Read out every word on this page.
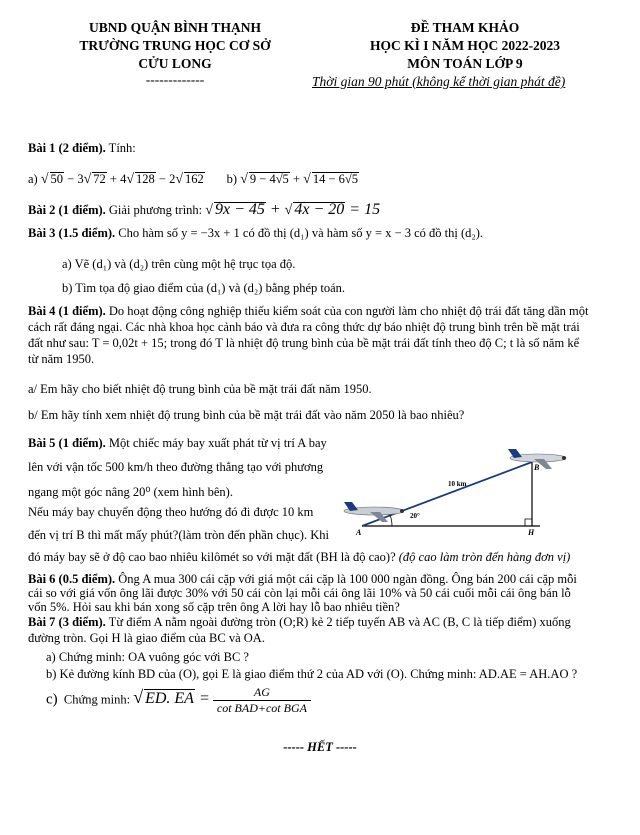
UBND QUẬN BÌNH THẠNH
TRƯỜNG TRUNG HỌC CƠ SỞ
CỬU LONG
-------------
ĐỀ THAM KHẢO
HỌC KÌ I NĂM HỌC 2022-2023
MÔN TOÁN LỚP 9
Thời gian 90 phút (không kể thời gian phát đề)
Bài 1 (2 điểm). Tính:
a) √ 50 − 3√ 72 + 4√ 128 − 2√ 162 b) √ 9 − 4√5 + √ 14 − 6√5
Bài 2 (1 điểm). Giải phương trình: √ 9x − 45 + √ 4x − 20 = 15
Bài 3 (1.5 điểm). Cho hàm số y = −3x + 1 có đồ thị (d₁) và hàm số y = x − 3 có đồ thị (d₂).
a) Vẽ (d₁) và (d₂) trên cùng một hệ trục tọa độ.
b) Tìm tọa độ giao điểm của (d₁) và (d₂) bằng phép toán.
Bài 4 (1 điểm). Do hoạt động công nghiệp thiếu kiểm soát của con người làm cho nhiệt độ trái đất tăng dần một
cách rất đáng ngại. Các nhà khoa học cảnh báo và đưa ra công thức dự báo nhiệt độ trung bình trên bề mặt trái
đất như sau: T = 0,02t + 15; trong đó T là nhiệt độ trung bình của bề mặt trái đất tính theo độ C; t là số năm kể
từ năm 1950.
a/ Em hãy cho biết nhiệt độ trung bình của bề mặt trái đất năm 1950.
b/ Em hãy tính xem nhiệt độ trung bình của bề mặt trái đất vào năm 2050 là bao nhiêu?
Bài 5 (1 điểm). Một chiếc máy bay xuất phát từ vị trí A bay
lên với vận tốc 500 km/h theo đường thẳng tạo với phương
ngang một góc nâng 20⁰ (xem hình bên).
Nếu máy bay chuyển động theo hướng đó đi được 10 km
đến vị trí B thì mất mấy phút?(làm tròn đến phần chục). Khi
đó máy bay sẽ ở độ cao bao nhiêu kilômét so với mặt đất (BH là độ cao)? (độ cao làm tròn đến hàng đơn vị)
10 km
20°
A
B
H
Bài 6 (0.5 điểm). Ông A mua 300 cái cặp với giá một cái cặp là 100 000 ngàn đồng. Ông bán 200 cái cặp mỗi
cái so với giá vốn ông lãi được 30% với 50 cái còn lại mỗi cái ông lãi 10% và 50 cái cuối mỗi cái ông bán lỗ
vốn 5%. Hỏi sau khi bán xong số cặp trên ông A lời hay lỗ bao nhiêu tiền?
Bài 7 (3 điểm). Từ điểm A nằm ngoài đường tròn (O;R) kẻ 2 tiếp tuyến AB và AC (B, C là tiếp điểm) xuống
đường tròn. Gọi H là giao điểm của BC và OA.
a) Chứng minh: OA vuông góc với BC ?
b) Kẻ đường kính BD của (O), gọi E là giao điểm thứ 2 của AD với (O). Chứng minh: AD.AE = AH.AO ?
c) Chứng minh: √ ED. EA = $\frac{AG}{\cot \overline{BAD}+\cot \overline{BGA}}$
----- HẾT -----
